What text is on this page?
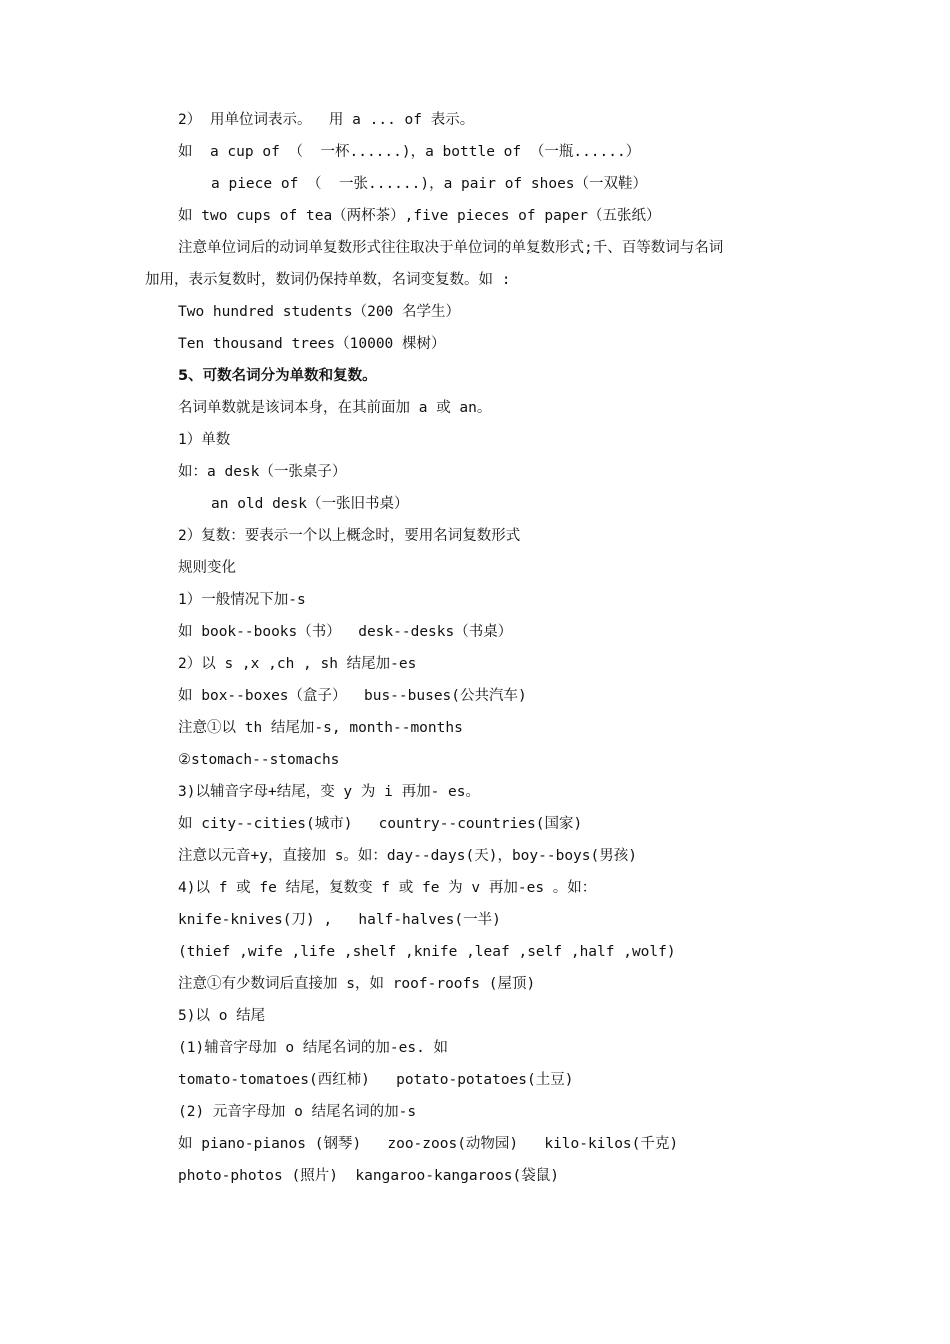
2） 用单位词表示。  用 a ... of 表示。
如  a cup of （  一杯......)，a bottle of （一瓶......）
a piece of （  一张......)，a pair of shoes（一双鞋）
如 two cups of tea（两杯茶）,five pieces of paper（五张纸）
注意单位词后的动词单复数形式往往取决于单位词的单复数形式;千、百等数词与名词
加用，表示复数时，数词仍保持单数，名词变复数。如 :
Two hundred students（200 名学生）
Ten thousand trees（10000 棵树）
5、可数名词分为单数和复数。
名词单数就是该词本身，在其前面加 a 或 an。
1）单数
如：a desk（一张桌子）
an old desk（一张旧书桌）
2）复数：要表示一个以上概念时，要用名词复数形式
规则变化
1）一般情况下加-s
如 book--books（书）  desk--desks（书桌）
2）以 s ,x ,ch , sh 结尾加-es
如 box--boxes（盒子）  bus--buses(公共汽车)
注意①以 th 结尾加-s, month--months
②stomach--stomachs
3)以辅音字母+结尾，变 y 为 i 再加- es。
如 city--cities(城市)   country--countries(国家)
注意以元音+y，直接加 s。如：day--days(天)，boy--boys(男孩)
4)以 f 或 fe 结尾，复数变 f 或 fe 为 v 再加-es 。如：
knife-knives(刀) ,   half-halves(一半)
(thief ,wife ,life ,shelf ,knife ,leaf ,self ,half ,wolf)
注意①有少数词后直接加 s，如 roof-roofs (屋顶)
5)以 o 结尾
(1)辅音字母加 o 结尾名词的加-es. 如
tomato-tomatoes(西红柿)   potato-potatoes(土豆)
(2) 元音字母加 o 结尾名词的加-s
如 piano-pianos (钢琴)   zoo-zoos(动物园)   kilo-kilos(千克)
photo-photos (照片)  kangaroo-kangaroos(袋鼠)
